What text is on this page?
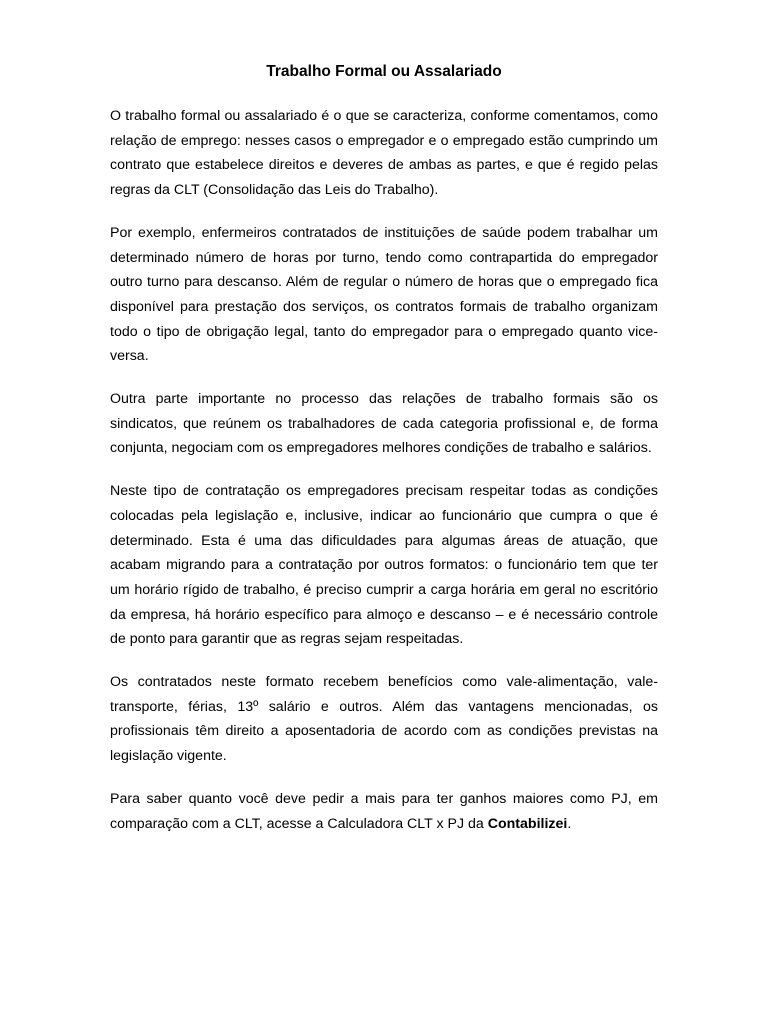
Trabalho Formal ou Assalariado

O trabalho formal ou assalariado é o que se caracteriza, conforme comentamos, como relação de emprego: nesses casos o empregador e o empregado estão cumprindo um contrato que estabelece direitos e deveres de ambas as partes, e que é regido pelas regras da CLT (Consolidação das Leis do Trabalho).

Por exemplo, enfermeiros contratados de instituições de saúde podem trabalhar um determinado número de horas por turno, tendo como contrapartida do empregador outro turno para descanso. Além de regular o número de horas que o empregado fica disponível para prestação dos serviços, os contratos formais de trabalho organizam todo o tipo de obrigação legal, tanto do empregador para o empregado quanto vice-versa.

Outra parte importante no processo das relações de trabalho formais são os sindicatos, que reúnem os trabalhadores de cada categoria profissional e, de forma conjunta, negociam com os empregadores melhores condições de trabalho e salários.

Neste tipo de contratação os empregadores precisam respeitar todas as condições colocadas pela legislação e, inclusive, indicar ao funcionário que cumpra o que é determinado. Esta é uma das dificuldades para algumas áreas de atuação, que acabam migrando para a contratação por outros formatos: o funcionário tem que ter um horário rígido de trabalho, é preciso cumprir a carga horária em geral no escritório da empresa, há horário específico para almoço e descanso – e é necessário controle de ponto para garantir que as regras sejam respeitadas.

Os contratados neste formato recebem benefícios como vale-alimentação, vale-transporte, férias, 13º salário e outros. Além das vantagens mencionadas, os profissionais têm direito a aposentadoria de acordo com as condições previstas na legislação vigente.

Para saber quanto você deve pedir a mais para ter ganhos maiores como PJ, em comparação com a CLT, acesse a Calculadora CLT x PJ da Contabilizei.
